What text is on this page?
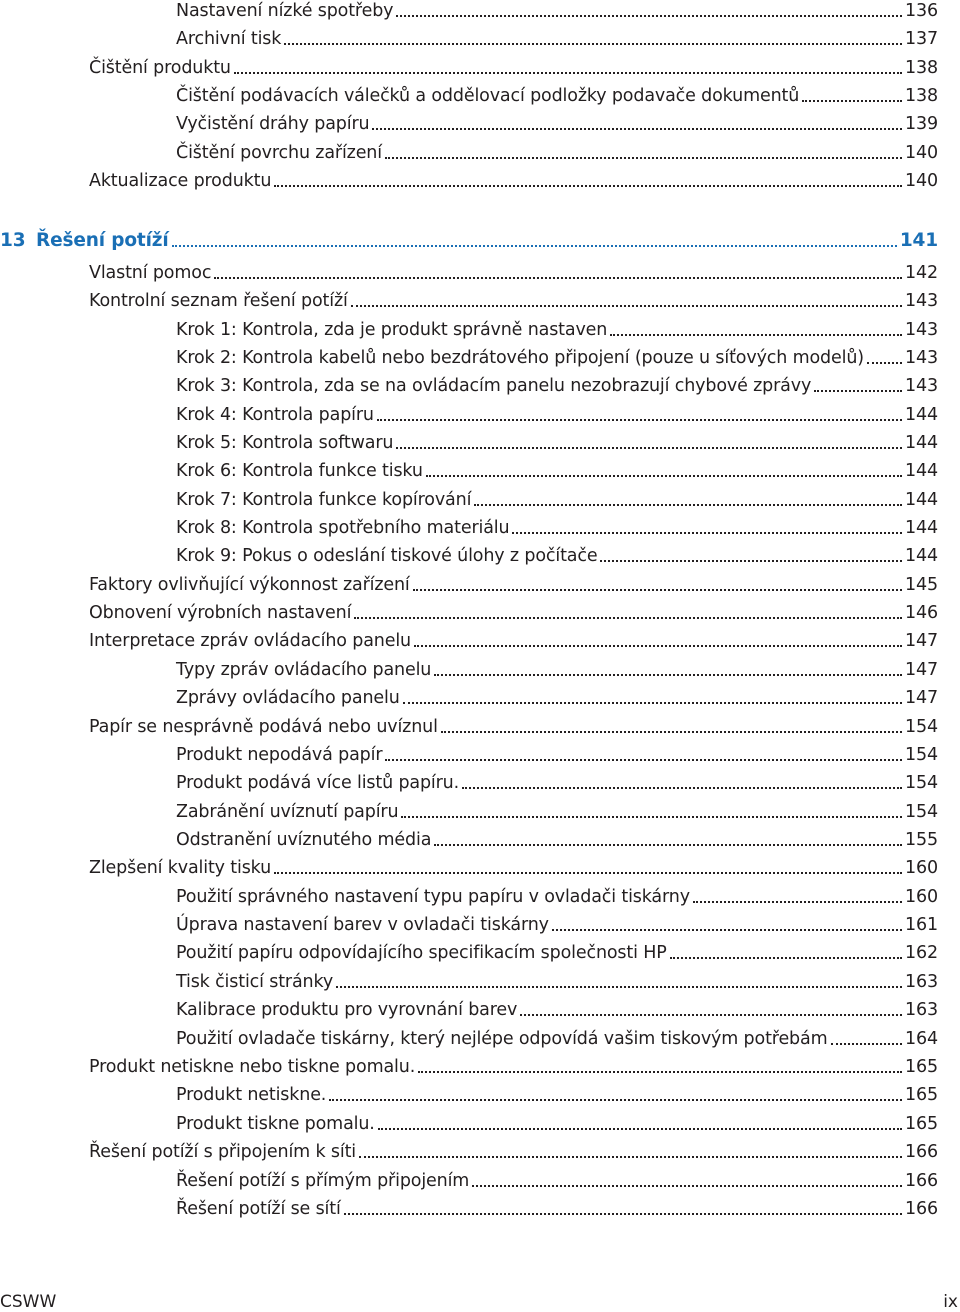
Nastavení nízké spotřeby	136
Archivní tisk	137
Čištění produktu	138
Čištění podávacích válečků a oddělovací podložky podavače dokumentů	138
Vyčistění dráhy papíru	139
Čištění povrchu zařízení	140
Aktualizace produktu	140
13 Řešení potíží	141
Vlastní pomoc	142
Kontrolní seznam řešení potíží	143
Krok 1: Kontrola, zda je produkt správně nastaven	143
Krok 2: Kontrola kabelů nebo bezdrátového připojení (pouze u síťových modelů) 143
Krok 3: Kontrola, zda se na ovládacím panelu nezobrazují chybové zprávy	143
Krok 4: Kontrola papíru	144
Krok 5: Kontrola softwaru	144
Krok 6: Kontrola funkce tisku	144
Krok 7: Kontrola funkce kopírování	144
Krok 8: Kontrola spotřebního materiálu	144
Krok 9: Pokus o odeslání tiskové úlohy z počítače	144
Faktory ovlivňující výkonnost zařízení	145
Obnovení výrobních nastavení	146
Interpretace zpráv ovládacího panelu	147
Typy zpráv ovládacího panelu	147
Zprávy ovládacího panelu	147
Papír se nesprávně podává nebo uvíznul	154
Produkt nepodává papír	154
Produkt podává více listů papíru.	154
Zabránění uvíznutí papíru	154
Odstranění uvíznutého média	155
Zlepšení kvality tisku	160
Použití správného nastavení typu papíru v ovladači tiskárny	160
Úprava nastavení barev v ovladači tiskárny	161
Použití papíru odpovídajícího specifikacím společnosti HP	162
Tisk čisticí stránky	163
Kalibrace produktu pro vyrovnání barev	163
Použití ovladače tiskárny, který nejlépe odpovídá vašim tiskovým potřebám	164
Produkt netiskne nebo tiskne pomalu.	165
Produkt netiskne.	165
Produkt tiskne pomalu.	165
Řešení potíží s připojením k síti	166
Řešení potíží s přímým připojením	166
Řešení potíží se sítí	166
CSWW	ix
